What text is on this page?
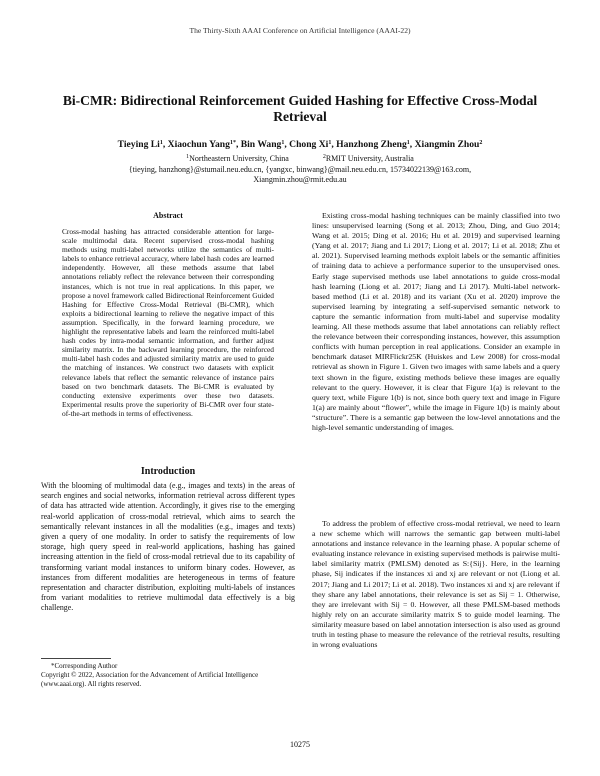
The Thirty-Sixth AAAI Conference on Artificial Intelligence (AAAI-22)
Bi-CMR: Bidirectional Reinforcement Guided Hashing for Effective Cross-Modal Retrieval
Tieying Li$^1$, Xiaochun Yang$^{1*}$, Bin Wang$^1$, Chong Xi$^1$, Hanzhong Zheng$^1$, Xiangmin Zhou$^2$
$^1$Northeastern University, China	$^2$RMIT University, Australia
{tieying, hanzhong}@stumail.neu.edu.cn, {yangxc, binwang}@mail.neu.edu.cn, 15734022139@163.com,
Xiangmin.zhou@rmit.edu.au
Abstract

Cross-modal hashing has attracted considerable attention for large-scale multimodal data. Recent supervised cross-modal hashing methods using multi-label networks utilize the semantics of multi-labels to enhance retrieval accuracy, where label hash codes are learned independently. However, all these methods assume that label annotations reliably reflect the relevance between their corresponding instances, which is not true in real applications. In this paper, we propose a novel framework called Bidirectional Reinforcement Guided Hashing for Effective Cross-Modal Retrieval (Bi-CMR), which exploits a bidirectional learning to relieve the negative impact of this assumption. Specifically, in the forward learning procedure, we highlight the representative labels and learn the reinforced multi-label hash codes by intra-modal semantic information, and further adjust similarity matrix. In the backward learning procedure, the reinforced multi-label hash codes and adjusted similarity matrix are used to guide the matching of instances. We construct two datasets with explicit relevance labels that reflect the semantic relevance of instance pairs based on two benchmark datasets. The Bi-CMR is evaluated by conducting extensive experiments over these two datasets. Experimental results prove the superiority of Bi-CMR over four state-of-the-art methods in terms of effectiveness.

Introduction

With the blooming of multimodal data (e.g., images and texts) in the areas of search engines and social networks, information retrieval across different types of data has attracted wide attention. Accordingly, it gives rise to the emerging real-world application of cross-modal retrieval, which aims to search the semantically relevant instances in all the modalities (e.g., images and texts) given a query of one modality. In order to satisfy the requirements of low storage, high query speed in real-world applications, hashing has gained increasing attention in the field of cross-modal retrieval due to its capability of transforming variant modal instances to uniform binary codes. However, as instances from different modalities are heterogeneous in terms of feature representation and character distribution, exploiting multi-labels of instances from variant modalities to retrieve multimodal data effectively is a big challenge.

*Corresponding Author
Copyright © 2022, Association for the Advancement of Artificial Intelligence (www.aaai.org). All rights reserved.

Existing cross-modal hashing techniques can be mainly classified into two lines: unsupervised learning (Song et al. 2013; Zhou, Ding, and Guo 2014; Wang et al. 2015; Ding et al. 2016; Hu et al. 2019) and supervised learning (Yang et al. 2017; Jiang and Li 2017; Liong et al. 2017; Li et al. 2018; Zhu et al. 2021). Supervised learning methods exploit labels or the semantic affinities of training data to achieve a performance superior to the unsupervised ones. Early stage supervised methods use label annotations to guide cross-modal hash learning (Liong et al. 2017; Jiang and Li 2017). Multi-label network-based method (Li et al. 2018) and its variant (Xu et al. 2020) improve the supervised learning by integrating a self-supervised semantic network to capture the semantic information from multi-label and supervise modality learning. All these methods assume that label annotations can reliably reflect the relevance between their corresponding instances, however, this assumption conflicts with human perception in real applications. Consider an example in benchmark dataset MIRFlickr25K (Huiskes and Lew 2008) for cross-modal retrieval as shown in Figure 1. Given two images with same labels and a query text shown in the figure, existing methods believe these images are equally relevant to the query. However, it is clear that Figure 1(a) is relevant to the query text, while Figure 1(b) is not, since both query text and image in Figure 1(a) are mainly about “flower”, while the image in Figure 1(b) is mainly about “structure”. There is a semantic gap between the low-level annotations and the high-level semantic understanding of images.

To address the problem of effective cross-modal retrieval, we need to learn a new scheme which will narrows the semantic gap between multi-label annotations and instance relevance in the learning phase. A popular scheme of evaluating instance relevance in existing supervised methods is pairwise multi-label similarity matrix (PMLSM) denoted as S:{Sij}. Here, in the learning phase, Sij indicates if the instances xi and xj are relevant or not (Liong et al. 2017; Jiang and Li 2017; Li et al. 2018). Two instances xi and xj are relevant if they share any label annotations, their relevance is set as Sij = 1. Otherwise, they are irrelevant with Sij = 0. However, all these PMLSM-based methods highly rely on an accurate similarity matrix S to guide model learning. The similarity measure based on label annotation intersection is also used as ground truth in testing phase to measure the relevance of the retrieval results, resulting in wrong evaluations

10275
